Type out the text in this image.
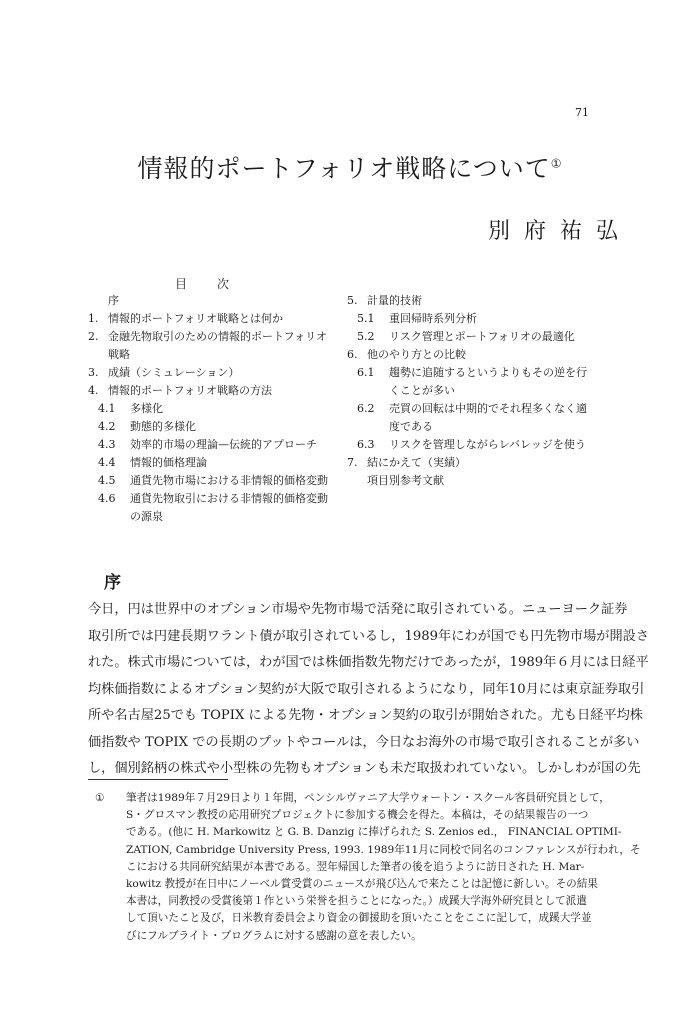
71
情報的ポートフォリオ戦略について①
別府祐弘
目次
序
1. 情報的ポートフォリオ戦略とは何か
2. 金融先物取引のための情報的ポートフォリオ
戦略
3. 成績（シミュレーション）
4. 情報的ポートフォリオ戦略の方法
4.1	多様化
4.2	動態的多様化
4.3	効率的市場の理論—伝統的アプローチ
4.4	情報的価格理論
4.5	通貨先物市場における非情報的価格変動
4.6	通貨先物取引における非情報的価格変動
の源泉
5. 計量的技術
5.1	重回帰時系列分析
5.2	リスク管理とポートフォリオの最適化
6. 他のやり方との比較
6.1	趨勢に追随するというよりもその逆を行
くことが多い
6.2	売買の回転は中期的でそれ程多くなく適
度である
6.3	リスクを管理しながらレバレッジを使う
7. 結にかえて（実績）
項目別参考文献
序

今日，円は世界中のオプション市場や先物市場で活発に取引されている。ニューヨーク証券
取引所では円建長期ワラント債が取引されているし，1989年にわが国でも円先物市場が開設さ
れた。株式市場については，わが国では株価指数先物だけであったが，1989年６月には日経平
均株価指数によるオプション契約が大阪で取引されるようになり，同年10月には東京証券取引
所や名古屋25でも TOPIX による先物・オプション契約の取引が開始された。尤も日経平均株
価指数や TOPIX での長期のプットやコールは，今日なお海外の市場で取引されることが多い
し，個別銘柄の株式や小型株の先物もオプションも未だ取扱われていない。しかしわが国の先

① 筆者は1989年７月29日より１年間，ペンシルヴァニア大学ウォートン・スクール客員研究員として，
S・グロスマン教授の応用研究プロジェクトに参加する機会を得た。本稿は，その結果報告の一つ
である。(他に H. Markowitz と G. B. Danzig に捧げられた S. Zenios ed.， FINANCIAL OPTIMI-
ZATION, Cambridge University Press, 1993. 1989年11月に同校で同名のコンファレンスが行われ，そ
こにおける共同研究結果が本書である。翌年帰国した筆者の後を追うように訪日された H. Mar-
kowitz 教授が在日中にノーベル賞受賞のニュースが飛び込んで来たことは記憶に新しい。その結果
本書は，同教授の受賞後第１作という栄誉を担うことになった。）成蹊大学海外研究員として派遣
して頂いたこと及び，日米教育委員会より資金の御援助を頂いたことをここに記して，成蹊大学並
びにフルブライト・プログラムに対する感謝の意を表したい。
